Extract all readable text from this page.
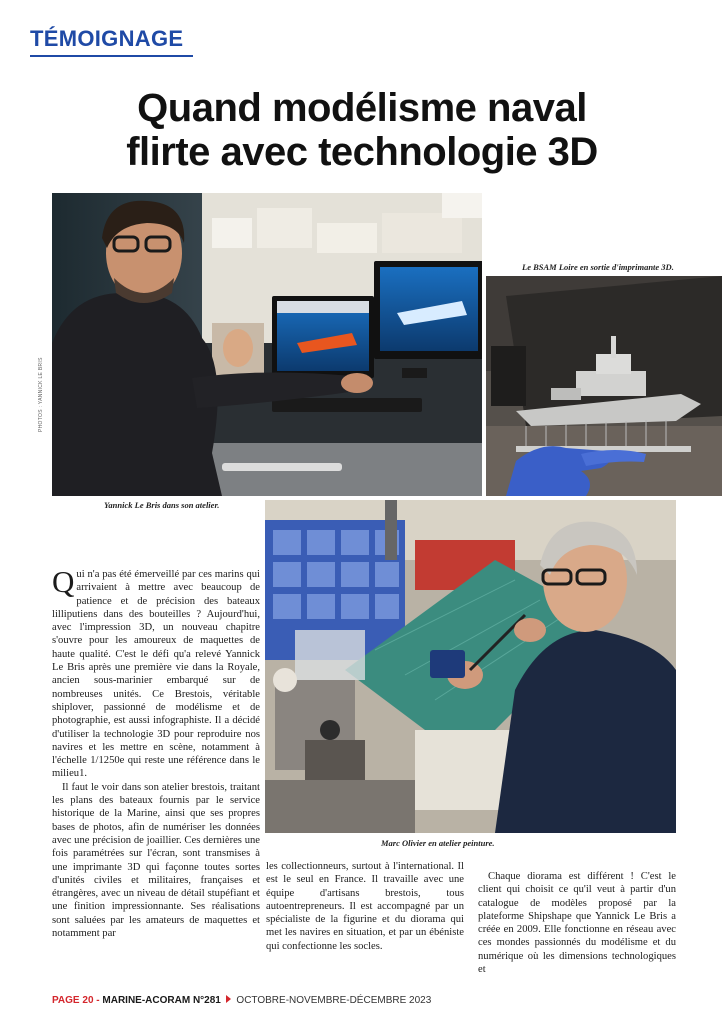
TÉMOIGNAGE
Quand modélisme naval
flirte avec technologie 3D
PHOTOS : YANNICK LE BRIS
Yannick Le Bris dans son atelier.
Le BSAM Loire en sortie d'imprimante 3D.
Marc Olivier en atelier peinture.

Qui n'a pas été émerveillé par ces marins qui arrivaient à mettre avec beaucoup de patience et de précision des bateaux lilliputiens dans des bouteilles ? Aujourd'hui, avec l'impression 3D, un nouveau chapitre s'ouvre pour les amoureux de maquettes de haute qualité. C'est le défi qu'a relevé Yannick Le Bris après une première vie dans la Royale, ancien sous-marinier embarqué sur de nombreuses unités. Ce Brestois, véritable shiplover, passionné de modélisme et de photographie, est aussi infographiste. Il a décidé d'utiliser la technologie 3D pour reproduire nos navires et les mettre en scène, notamment à l'échelle 1/1250e qui reste une référence dans le milieu1.

Il faut le voir dans son atelier brestois, traitant les plans des bateaux fournis par le service historique de la Marine, ainsi que ses propres bases de photos, afin de numériser les données avec une précision de joaillier. Ces dernières une fois paramétrées sur l'écran, sont transmises à une imprimante 3D qui façonne toutes sortes d'unités civiles et militaires, françaises et étrangères, avec un niveau de détail stupéfiant et une finition impressionnante. Ses réalisations sont saluées par les amateurs de maquettes et notamment par

les collectionneurs, surtout à l'international. Il est le seul en France. Il travaille avec une équipe d'artisans brestois, tous autoentrepreneurs. Il est accompagné par un spécialiste de la figurine et du diorama qui met les navires en situation, et par un ébéniste qui confectionne les socles.

Chaque diorama est différent ! C'est le client qui choisit ce qu'il veut à partir d'un catalogue de modèles proposé par la plateforme Shipshape que Yannick Le Bris a créée en 2009. Elle fonctionne en réseau avec ces mondes passionnés du modélisme et du numérique où les dimensions technologiques et

PAGE 20 - MARINE-ACORAM N°281 OCTOBRE-NOVEMBRE-DÉCEMBRE 2023
